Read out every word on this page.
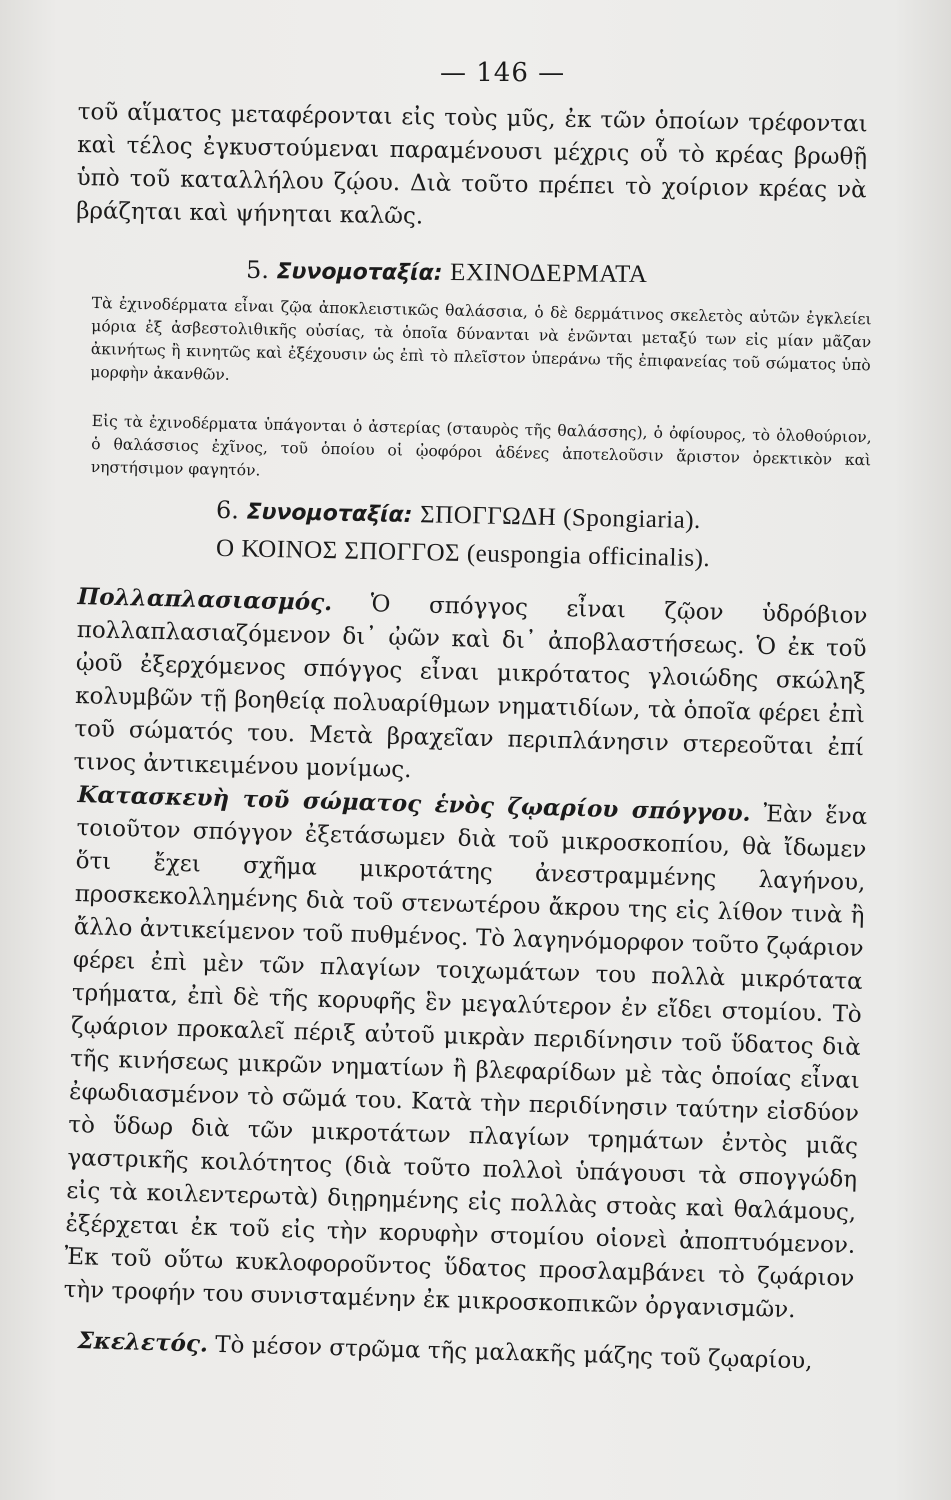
— 146 —

τοῦ αἵματος μεταφέρονται εἰς τοὺς μῦς, ἐκ τῶν ὁποίων τρέφονται καὶ τέλος ἐγκυστούμεναι παραμένουσι μέχρις οὗ τὸ κρέας βρωθῇ ὑπὸ τοῦ καταλλήλου ζῴου. Διὰ τοῦτο πρέπει τὸ χοίριον κρέας νὰ βράζηται καὶ ψήνηται καλῶς.

5. Συνομοταξία: ΕΧΙΝΟΔΕΡΜΑΤΑ

Τὰ ἐχινοδέρματα εἶναι ζῷα ἀποκλειστικῶς θαλάσσια, ὁ δὲ δερμάτινος σκελετὸς αὐτῶν ἐγκλείει μόρια ἐξ ἀσβεστολιθικῆς οὐσίας, τὰ ὁποῖα δύνανται νὰ ἑνῶνται μεταξύ των εἰς μίαν μᾶζαν ἀκινήτως ἢ κινητῶς καὶ ἐξέχουσιν ὡς ἐπὶ τὸ πλεῖστον ὑπεράνω τῆς ἐπιφανείας τοῦ σώματος ὑπὸ μορφὴν ἀκανθῶν.

Εἰς τὰ ἐχινοδέρματα ὑπάγονται ὁ ἀστερίας (σταυρὸς τῆς θαλάσσης), ὁ ὀφίουρος, τὸ ὁλοθούριον, ὁ θαλάσσιος ἐχῖνος, τοῦ ὁποίου οἱ ᾠοφόροι ἀδένες ἀποτελοῦσιν ἄριστον ὀρεκτικὸν καὶ νηστήσιμον φαγητόν.

6. Συνομοταξία: ΣΠΟΓΓΩΔΗ (Spongiaria).
Ο ΚΟΙΝΟΣ ΣΠΟΓΓΟΣ (euspongia officinalis).

Πολλαπλασιασμός. Ὁ σπόγγος εἶναι ζῷον ὑδρόβιον πολλαπλασιαζόμενον δι᾽ ᾠῶν καὶ δι᾽ ἀποβλαστήσεως. Ὁ ἐκ τοῦ ᾠοῦ ἐξερχόμενος σπόγγος εἶναι μικρότατος γλοιώδης σκώληξ κολυμβῶν τῇ βοηθείᾳ πολυαρίθμων νηματιδίων, τὰ ὁποῖα φέρει ἐπὶ τοῦ σώματός του. Μετὰ βραχεῖαν περιπλάνησιν στερεοῦται ἐπί τινος ἀντικειμένου μονίμως.

Κατασκευὴ τοῦ σώματος ἑνὸς ζῳαρίου σπόγγου. Ἐὰν ἕνα τοιοῦτον σπόγγον ἐξετάσωμεν διὰ τοῦ μικροσκοπίου, θὰ ἴδωμεν ὅτι ἔχει σχῆμα μικροτάτης ἀνεστραμμένης λαγήνου, προσκεκολλημένης διὰ τοῦ στενωτέρου ἄκρου της εἰς λίθον τινὰ ἢ ἄλλο ἀντικείμενον τοῦ πυθμένος. Τὸ λαγηνόμορφον τοῦτο ζῳάριον φέρει ἐπὶ μὲν τῶν πλαγίων τοιχωμάτων του πολλὰ μικρότατα τρήματα, ἐπὶ δὲ τῆς κορυφῆς ἓν μεγαλύτερον ἐν εἴδει στομίου. Τὸ ζῳάριον προκαλεῖ πέριξ αὐτοῦ μικρὰν περιδίνησιν τοῦ ὕδατος διὰ τῆς κινήσεως μικρῶν νηματίων ἢ βλεφαρίδων μὲ τὰς ὁποίας εἶναι ἐφωδιασμένον τὸ σῶμά του. Κατὰ τὴν περιδίνησιν ταύτην εἰσδύον τὸ ὕδωρ διὰ τῶν μικροτάτων πλαγίων τρημάτων ἐντὸς μιᾶς γαστρικῆς κοιλότητος (διὰ τοῦτο πολλοὶ ὑπάγουσι τὰ σπογγώδη εἰς τὰ κοιλεντερωτὰ) διῃρημένης εἰς πολλὰς στοὰς καὶ θαλάμους, ἐξέρχεται ἐκ τοῦ εἰς τὴν κορυφὴν στομίου οἱονεὶ ἀποπτυόμενον. Ἐκ τοῦ οὕτω κυκλοφοροῦντος ὕδατος προσλαμβάνει τὸ ζῳάριον τὴν τροφήν του συνισταμένην ἐκ μικροσκοπικῶν ὀργανισμῶν.

Σκελετός. Τὸ μέσον στρῶμα τῆς μαλακῆς μάζης τοῦ ζῳαρίου,
